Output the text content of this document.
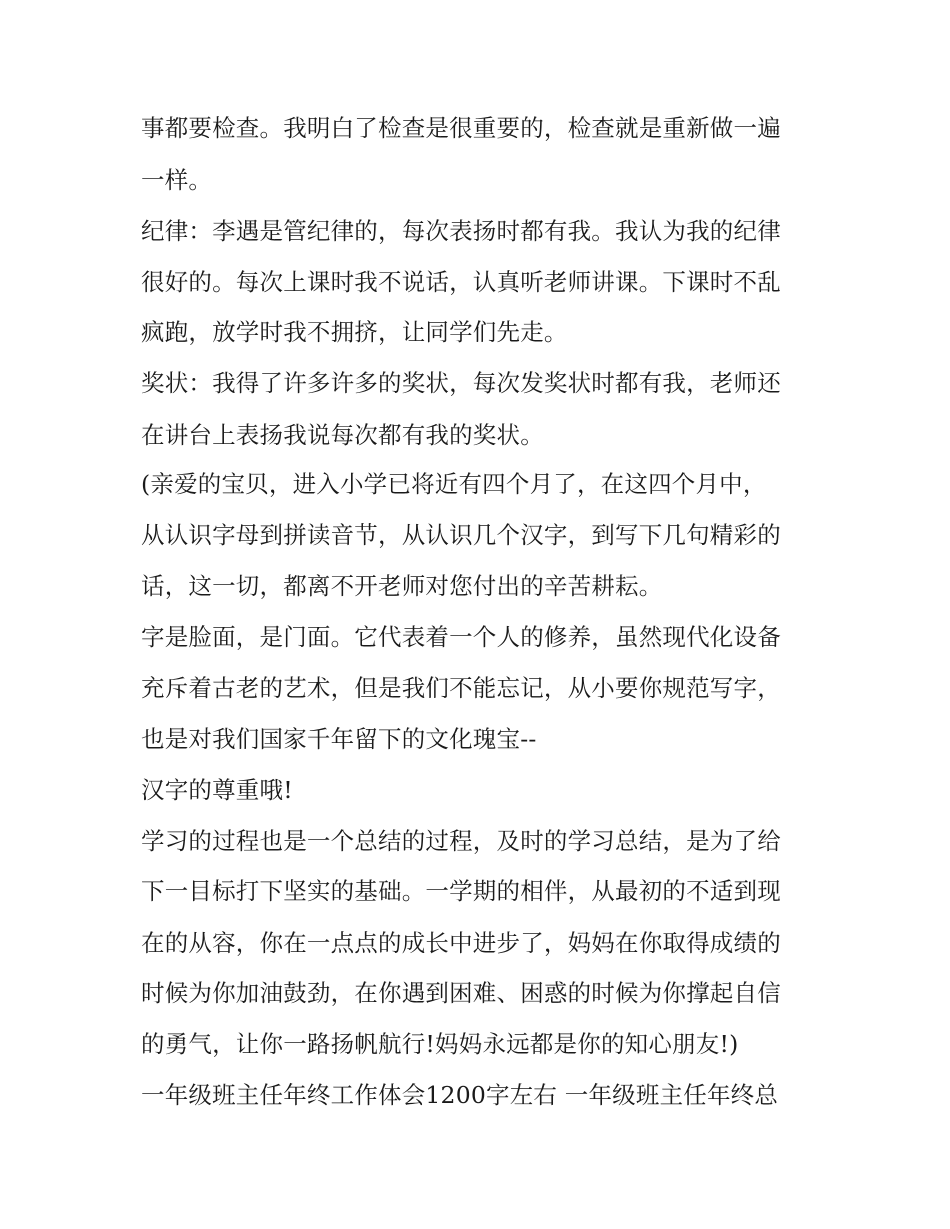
事都要检查。我明白了检查是很重要的，检查就是重新做一遍

一样。

纪律：李遇是管纪律的，每次表扬时都有我。我认为我的纪律

很好的。每次上课时我不说话，认真听老师讲课。下课时不乱

疯跑，放学时我不拥挤，让同学们先走。

奖状：我得了许多许多的奖状，每次发奖状时都有我，老师还

在讲台上表扬我说每次都有我的奖状。

(亲爱的宝贝，进入小学已将近有四个月了，在这四个月中，

从认识字母到拼读音节，从认识几个汉字，到写下几句精彩的

话，这一切，都离不开老师对您付出的辛苦耕耘。

字是脸面，是门面。它代表着一个人的修养，虽然现代化设备

充斥着古老的艺术，但是我们不能忘记，从小要你规范写字，

也是对我们国家千年留下的文化瑰宝--

汉字的尊重哦!

学习的过程也是一个总结的过程，及时的学习总结，是为了给

下一目标打下坚实的基础。一学期的相伴，从最初的不适到现

在的从容，你在一点点的成长中进步了，妈妈在你取得成绩的

时候为你加油鼓劲，在你遇到困难、困惑的时候为你撑起自信

的勇气，让你一路扬帆航行!妈妈永远都是你的知心朋友!)

一年级班主任年终工作体会1200字左右 一年级班主任年终总
